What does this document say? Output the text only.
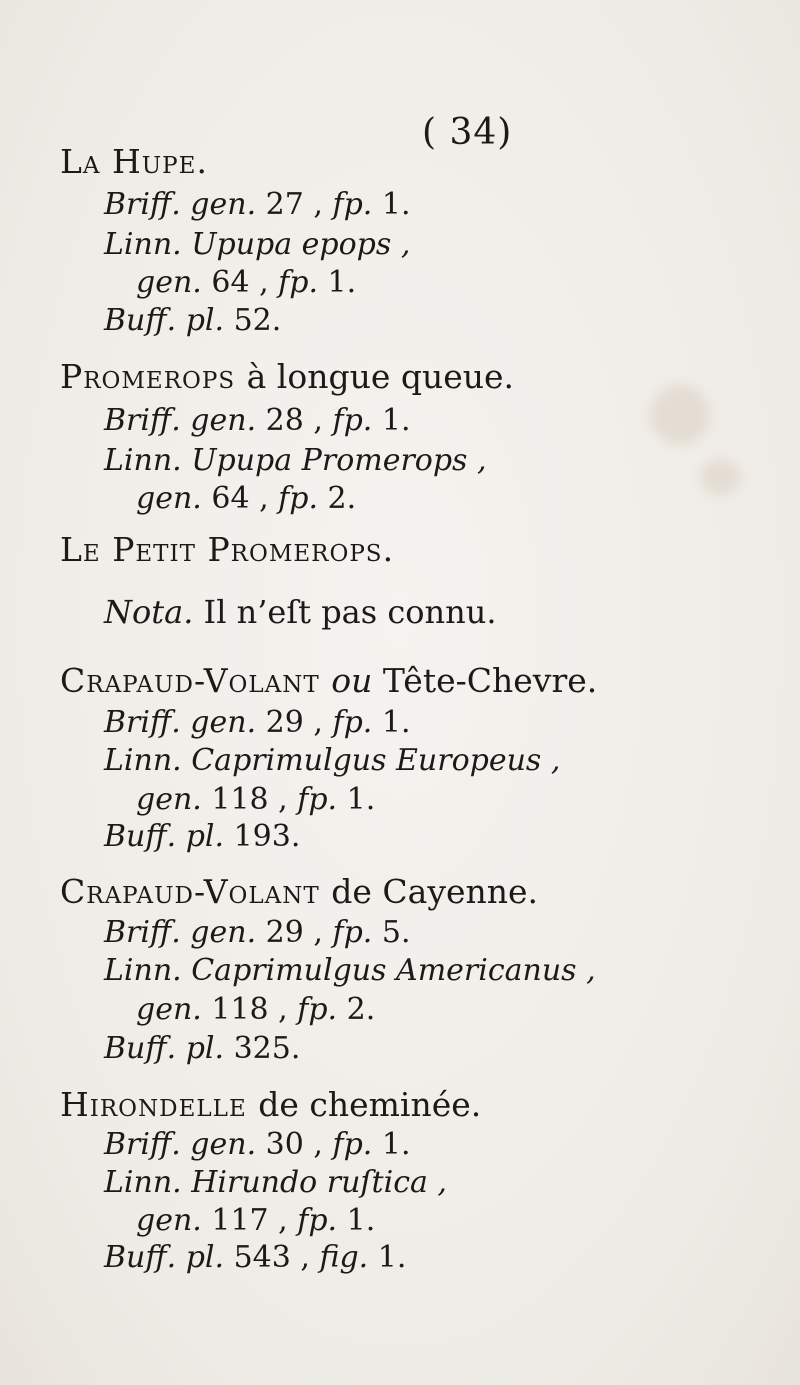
( 34)
La Hupe.
Briff. gen. 27 , fp. 1.
Linn. Upupa epops ,
gen. 64 , fp. 1.
Buff. pl. 52.
Promerops à longue queue.
Briff. gen. 28 , fp. 1.
Linn. Upupa Promerops ,
gen. 64 , fp. 2.
Le Petit Promerops.
Nota. Il n’eſt pas connu.
Crapaud-Volant ou Tête-Chevre.
Briff. gen. 29 , fp. 1.
Linn. Caprimulgus Europeus ,
gen. 118 , fp. 1.
Buff. pl. 193.
Crapaud-Volant de Cayenne.
Briff. gen. 29 , fp. 5.
Linn. Caprimulgus Americanus ,
gen. 118 , fp. 2.
Buff. pl. 325.
Hirondelle de cheminée.
Briff. gen. 30 , fp. 1.
Linn. Hirundo ruſtica ,
gen. 117 , fp. 1.
Buff. pl. 543 , fig. 1.
